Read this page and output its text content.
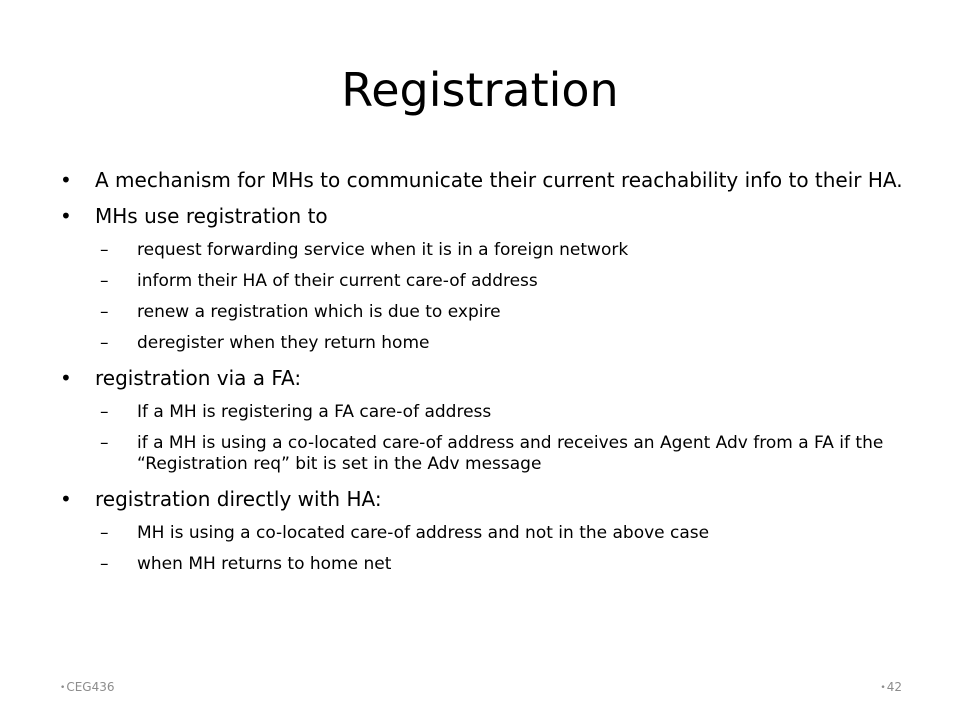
Registration
• A mechanism for MHs to communicate their current reachability info to their HA.
• MHs use registration to
– request forwarding service when it is in a foreign network
– inform their HA of their current care-of address
– renew a registration which is due to expire
– deregister when they return home
• registration via a FA:
– If a MH is registering a FA care-of address
– if a MH is using a co-located care-of address and receives an Agent Adv from a FA if the “Registration req” bit is set in the Adv message
• registration directly with HA:
– MH is using a co-located care-of address and not in the above case
– when MH returns to home net
•CEG436	•42
